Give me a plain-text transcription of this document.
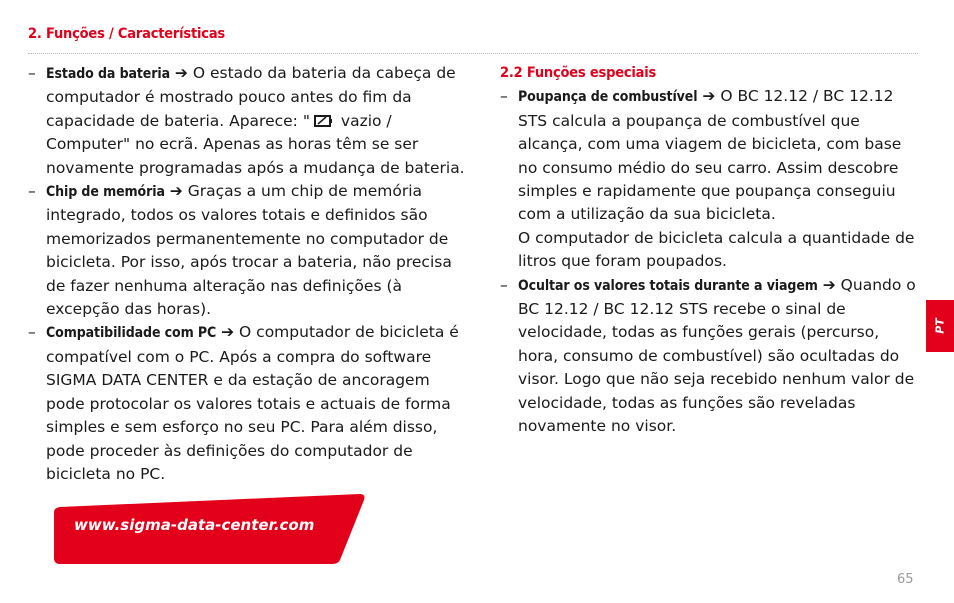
2. Funções / Características
– Estado da bateria ➔ O estado da bateria da cabeça de computador é mostrado pouco antes do fim da capacidade de bateria. Aparece: " vazio / Computer" no ecrã. Apenas as horas têm se ser novamente programadas após a mudança de bateria.
– Chip de memória ➔ Graças a um chip de memória integrado, todos os valores totais e definidos são memorizados permanentemente no computador de bicicleta. Por isso, após trocar a bateria, não precisa de fazer nenhuma alteração nas definições (à excepção das horas).
– Compatibilidade com PC ➔ O computador de bicicleta é compatível com o PC. Após a compra do software SIGMA DATA CENTER e da estação de ancoragem pode protocolar os valores totais e actuais de forma simples e sem esforço no seu PC. Para além disso, pode proceder às definições do computador de bicicleta no PC.
2.2 Funções especiais
– Poupança de combustível ➔ O BC 12.12 / BC 12.12 STS calcula a poupança de combustível que alcança, com uma viagem de bicicleta, com base no consumo médio do seu carro. Assim descobre simples e rapidamente que poupança conseguiu com a utilização da sua bicicleta.
O computador de bicicleta calcula a quantidade de litros que foram poupados.
– Ocultar os valores totais durante a viagem ➔ Quando o BC 12.12 / BC 12.12 STS recebe o sinal de velocidade, todas as funções gerais (percurso, hora, consumo de combustível) são ocultadas do visor. Logo que não seja recebido nenhum valor de velocidade, todas as funções são reveladas novamente no visor.
www.sigma-data-center.com
PT
65
